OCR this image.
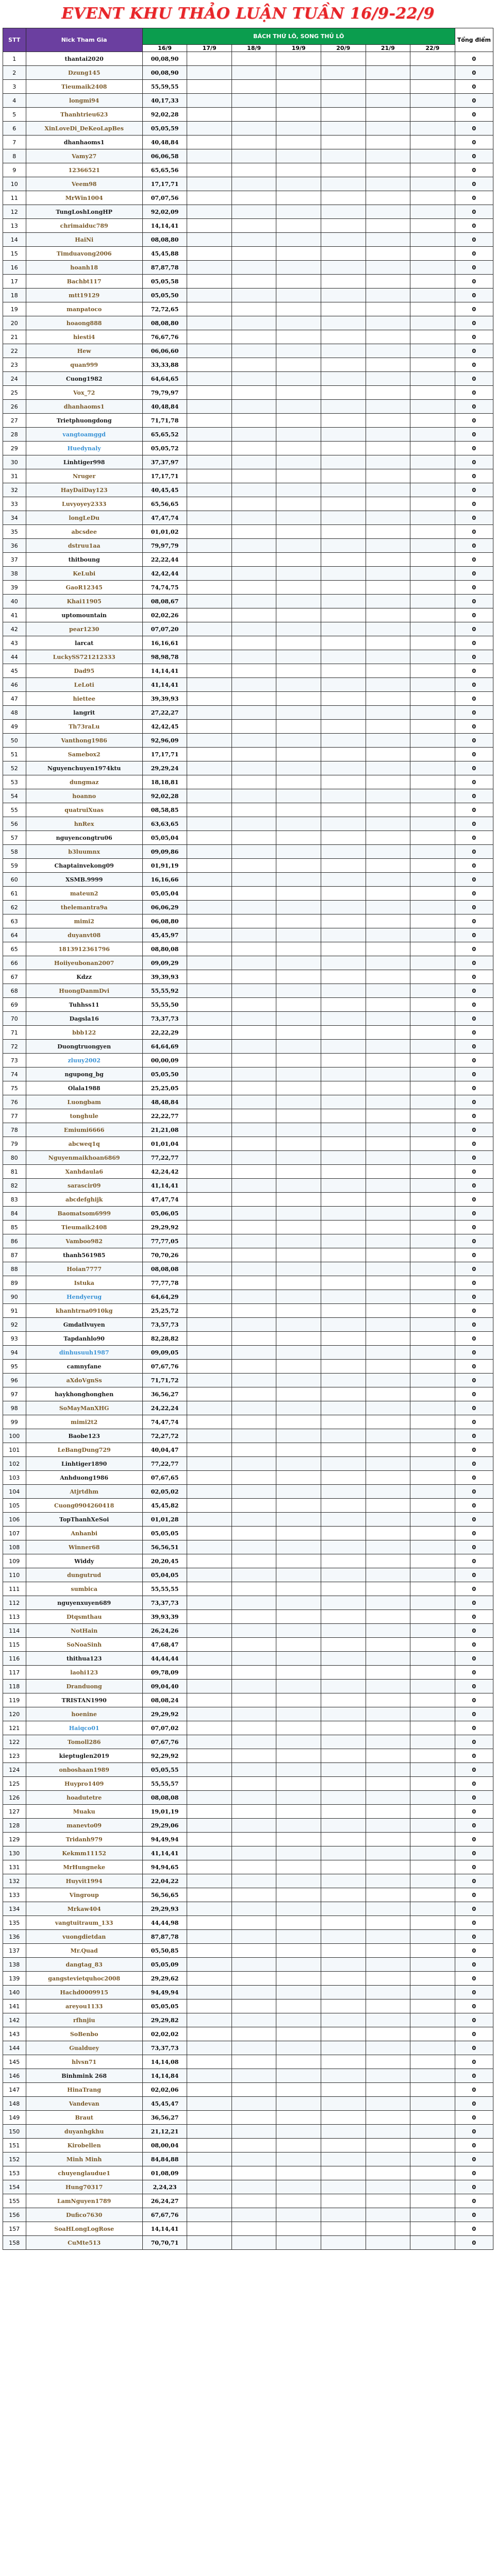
EVENT KHU THẢO LUẬN TUẦN 16/9-22/9
STT	Nick Tham Gia	BÁCH THỨ LÔ, SONG THỦ LÔ							Tổng điểm
		16/9	17/9	18/9	19/9	20/9	21/9	22/9	
1	thantai2020	00,08,90							0
2	Dzung145	00,08,90							0
3	Tieumaik2408	55,59,55							0
4	longmi94	40,17,33							0
5	Thanhtrieu623	92,02,28							0
6	XinLoveDi_DeKeoLapBes	05,05,59							0
7	dhanhaoms1	40,48,84							0
8	Vamy27	06,06,58							0
9	12366521	65,65,56							0
10	Veem98	17,17,71							0
11	MrWin1004	07,07,56							0
12	TungLoshLongHP	92,02,09							0
13	chrimaiduc789	14,14,41							0
14	HaiNi	08,08,80							0
15	Timduavong2006	45,45,88							0
16	hoanh18	87,87,78							0
17	Bachbt117	05,05,58							0
18	mtt19129	05,05,50							0
19	manpatoco	72,72,65							0
20	hoaong888	08,08,80							0
21	hiesti4	76,67,76							0
22	Hew	06,06,60							0
23	quan999	33,33,88							0
24	Cuong1982	64,64,65							0
25	Vox_72	79,79,97							0
26	dhanhaoms1	40,48,84							0
27	Trietphuongdong	71,71,78							0
28	vangtoamggd	65,65,52							0
29	Huedynaly	05,05,72							0
30	Linhtiger998	37,37,97							0
31	Nruger	17,17,71							0
32	HayDaiDay123	40,45,45							0
33	Luvyoyey2333	65,56,65							0
34	longLeDu	47,47,74							0
35	abcsdee	01,01,02							0
36	dstruu1aa	79,97,79							0
37	thitboung	22,22,44							0
38	KeLubi	42,42,44							0
39	GaoR12345	74,74,75							0
40	Khai11905	08,08,67							0
41	uptomountain	02,02,26							0
42	pear1230	07,07,20							0
43	larcat	16,16,61							0
44	LuckySS721212333	98,98,78							0
45	Dad95	14,14,41							0
46	LeLoti	41,14,41							0
47	hiettee	39,39,93							0
48	langrit	27,22,27							0
49	Th73raLu	42,42,45							0
50	Vanthong1986	92,96,09							0
51	Samebox2	17,17,71							0
52	Nguyenchuyen1974ktu	29,29,24							0
53	dungmaz	18,18,81							0
54	hoanno	92,02,28							0
55	quatruiXuas	08,58,85							0
56	hnRex	63,63,65							0
57	nguyencongtru06	05,05,04							0
58	b3luumnx	09,09,86							0
59	Chaptainvekong09	01,91,19							0
60	XSMB.9999	16,16,66							0
61	mateun2	05,05,04							0
62	thelemantra9a	06,06,29							0
63	mimi2	06,08,80							0
64	duyanvt08	45,45,97							0
65	1813912361796	08,80,08							0
66	Hoiiyeubonan2007	09,09,29							0
67	Kdzz	39,39,93							0
68	HuongDanmDvi	55,55,92							0
69	Tuhhss11	55,55,50							0
70	Dagsla16	73,37,73							0
71	bbb122	22,22,29							0
72	Duongtruongyen	64,64,69							0
73	zluuy2002	00,00,09							0
74	ngupong_bg	05,05,50							0
75	Olala1988	25,25,05							0
76	Luongbam	48,48,84							0
77	tonghule	22,22,77							0
78	Emiumi6666	21,21,08							0
79	abcweq1q	01,01,04							0
80	Nguyenmaikhoan6869	77,22,77							0
81	Xanhdaula6	42,24,42							0
82	sarascir09	41,14,41							0
83	abcdefghijk	47,47,74							0
84	Baomatsom6999	05,06,05							0
85	Tieumaik2408	29,29,92							0
86	Vamboo982	77,77,05							0
87	thanh561985	70,70,26							0
88	Hoian7777	08,08,08							0
89	Istuka	77,77,78							0
90	Hendyerug	64,64,29							0
91	khanhtrna0910kg	25,25,72							0
92	Gmdatlvuyen	73,57,73							0
93	Tapdanhlo90	82,28,82							0
94	dinhusuuh1987	09,09,05							0
95	camnyfane	07,67,76							0
96	aXdoVgnSs	71,71,72							0
97	haykhonghonghen	36,56,27							0
98	SoMayManXHG	24,22,24							0
99	mimi2t2	74,47,74							0
100	Baobe123	72,27,72							0
101	LeBangDung729	40,04,47							0
102	Linhtiger1890	77,22,77							0
103	Anhduong1986	07,67,65							0
104	Atjrtdhm	02,05,02							0
105	Cuong0904260418	45,45,82							0
106	TopThanhXeSoi	01,01,28							0
107	Anhanbi	05,05,05							0
108	Winner68	56,56,51							0
109	Widdy	20,20,45							0
110	dungutrud	05,04,05							0
111	sumbica	55,55,55							0
112	nguyenxuyen689	73,37,73							0
113	Dtqsmthau	39,93,39							0
114	NotHain	26,24,26							0
115	SoNoaSinh	47,68,47							0
116	thithua123	44,44,44							0
117	laohi123	09,78,09							0
118	Dranduong	09,04,40							0
119	TRISTAN1990	08,08,24							0
120	hoenine	29,29,92							0
121	Haiqco01	07,07,02							0
122	Tomoll286	07,67,76							0
123	kieptuglen2019	92,29,92							0
124	onboshaan1989	05,05,55							0
125	Huypro1409	55,55,57							0
126	hoadutetre	08,08,08							0
127	Muaku	19,01,19							0
128	manevto09	29,29,06							0
129	Tridanh979	94,49,94							0
130	Kekmm11152	41,14,41							0
131	MrHungneke	94,94,65							0
132	Huyvit1994	22,04,22							0
133	Vingroup	56,56,65							0
134	Mrkaw404	29,29,93							0
135	vangtuitraum_133	44,44,98							0
136	vuongdietdan	87,87,78							0
137	Mr.Quad	05,50,85							0
138	dangtag_83	05,05,09							0
139	gangstevietquhoc2008	29,29,62							0
140	Hachd0009915	94,49,94							0
141	areyou1133	05,05,05							0
142	rfhnjiu	29,29,82							0
143	SoBenbo	02,02,02							0
144	Gualduey	73,37,73							0
145	hlvsn71	14,14,08							0
146	Binhmink 268	14,14,84							0
147	HinaTrang	02,02,06							0
148	Vandevan	45,45,47							0
149	Braut	36,56,27							0
150	duyanhgkhu	21,12,21							0
151	Kirobellen	08,00,04							0
152	Minh Minh	84,84,88							0
153	chuyenglaudue1	01,08,09							0
154	Hung70317	2,24,23							0
155	LamNguyen1789	26,24,27							0
156	Dufico7630	67,67,76							0
157	SoaHLongLogRose	14,14,41							0
158	CuMte513	70,70,71							0
